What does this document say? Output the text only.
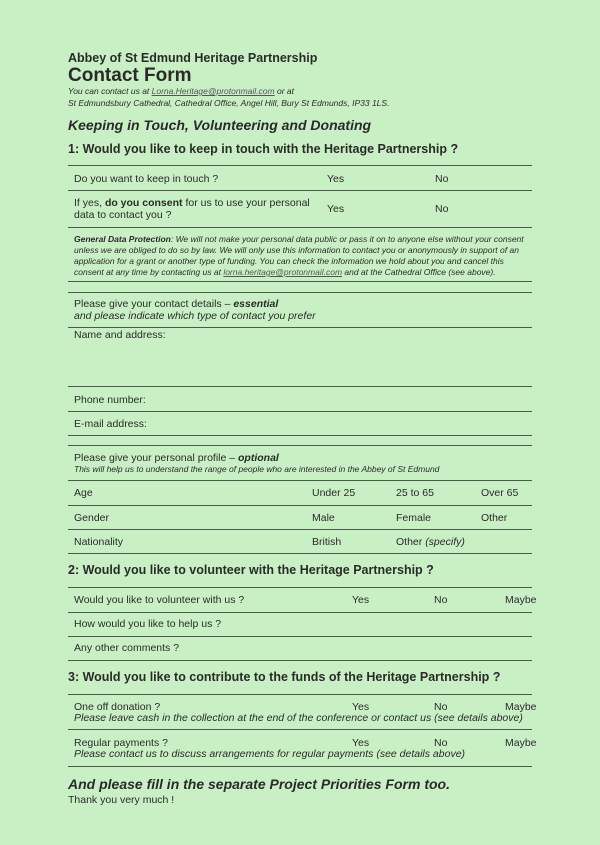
Abbey of St Edmund Heritage Partnership
Contact Form
You can contact us at Lorna.Heritage@protonmail.com or at
St Edmundsbury Cathedral, Cathedral Office, Angel Hill, Bury St Edmunds, IP33 1LS.
Keeping in Touch, Volunteering and Donating
1: Would you like to keep in touch with the Heritage Partnership ?
Do you want to keep in touch ?	Yes	No
If yes, do you consent for us to use your personal
data to contact you ?	Yes	No
General Data Protection: We will not make your personal data public or pass it on to anyone else without your consent
unless we are obliged to do so by law. We will only use this information to contact you or anonymously in support of an
application for a grant or another type of funding. You can check the information we hold about you and cancel this
consent at any time by contacting us at lorna.heritage@protonmail.com and at the Cathedral Office (see above).
Please give your contact details – essential
and please indicate which type of contact you prefer
Name and address:
Phone number:
E-mail address:
Please give your personal profile – optional
This will help us to understand the range of people who are interested in the Abbey of St Edmund
Age	Under 25	25 to 65	Over 65
Gender	Male	Female	Other
Nationality	British	Other (specify)
2: Would you like to volunteer with the Heritage Partnership ?
Would you like to volunteer with us ?	Yes	No	Maybe
How would you like to help us ?
Any other comments ?
3: Would you like to contribute to the funds of the Heritage Partnership ?
One off donation ?	Yes	No	Maybe
Please leave cash in the collection at the end of the conference or contact us (see details above)
Regular payments ?	Yes	No	Maybe
Please contact us to discuss arrangements for regular payments (see details above)
And please fill in the separate Project Priorities Form too.
Thank you very much !
